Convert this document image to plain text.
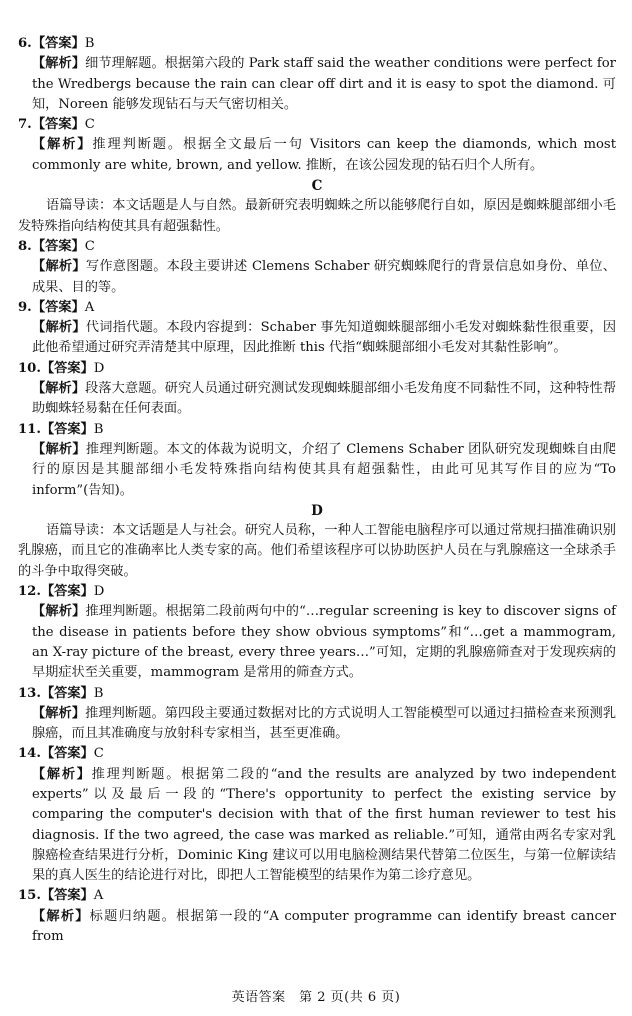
6.【答案】B

【解析】细节理解题。根据第六段的 Park staff said the weather conditions were perfect for the Wredbergs because the rain can clear off dirt and it is easy to spot the diamond. 可知，Noreen 能够发现钻石与天气密切相关。

7.【答案】C

【解析】推理判断题。根据全文最后一句 Visitors can keep the diamonds, which most commonly are white, brown, and yellow. 推断，在该公园发现的钻石归个人所有。

C

语篇导读：本文话题是人与自然。最新研究表明蜘蛛之所以能够爬行自如，原因是蜘蛛腿部细小毛发特殊指向结构使其具有超强黏性。

8.【答案】C

【解析】写作意图题。本段主要讲述 Clemens Schaber 研究蜘蛛爬行的背景信息如身份、单位、成果、目的等。

9.【答案】A

【解析】代词指代题。本段内容提到：Schaber 事先知道蜘蛛腿部细小毛发对蜘蛛黏性很重要，因此他希望通过研究弄清楚其中原理，因此推断 this 代指“蜘蛛腿部细小毛发对其黏性影响”。

10.【答案】D

【解析】段落大意题。研究人员通过研究测试发现蜘蛛腿部细小毛发角度不同黏性不同，这种特性帮助蜘蛛轻易黏在任何表面。

11.【答案】B

【解析】推理判断题。本文的体裁为说明文，介绍了 Clemens Schaber 团队研究发现蜘蛛自由爬行的原因是其腿部细小毛发特殊指向结构使其具有超强黏性，由此可见其写作目的应为“To inform”(告知)。

D

语篇导读：本文话题是人与社会。研究人员称，一种人工智能电脑程序可以通过常规扫描准确识别乳腺癌，而且它的准确率比人类专家的高。他们希望该程序可以协助医护人员在与乳腺癌这一全球杀手的斗争中取得突破。

12.【答案】D

【解析】推理判断题。根据第二段前两句中的“…regular screening is key to discover signs of the disease in patients before they show obvious symptoms”和“…get a mammogram, an X-ray picture of the breast, every three years…”可知，定期的乳腺癌筛查对于发现疾病的早期症状至关重要，mammogram 是常用的筛查方式。

13.【答案】B

【解析】推理判断题。第四段主要通过数据对比的方式说明人工智能模型可以通过扫描检查来预测乳腺癌，而且其准确度与放射科专家相当，甚至更准确。

14.【答案】C

【解析】推理判断题。根据第二段的“and the results are analyzed by two independent experts”以及最后一段的“There's opportunity to perfect the existing service by comparing the computer's decision with that of the first human reviewer to test his diagnosis. If the two agreed, the case was marked as reliable.”可知，通常由两名专家对乳腺癌检查结果进行分析，Dominic King 建议可以用电脑检测结果代替第二位医生，与第一位解读结果的真人医生的结论进行对比，即把人工智能模型的结果作为第二诊疗意见。

15.【答案】A

【解析】标题归纳题。根据第一段的“A computer programme can identify breast cancer from

英语答案　第 2 页(共 6 页)
